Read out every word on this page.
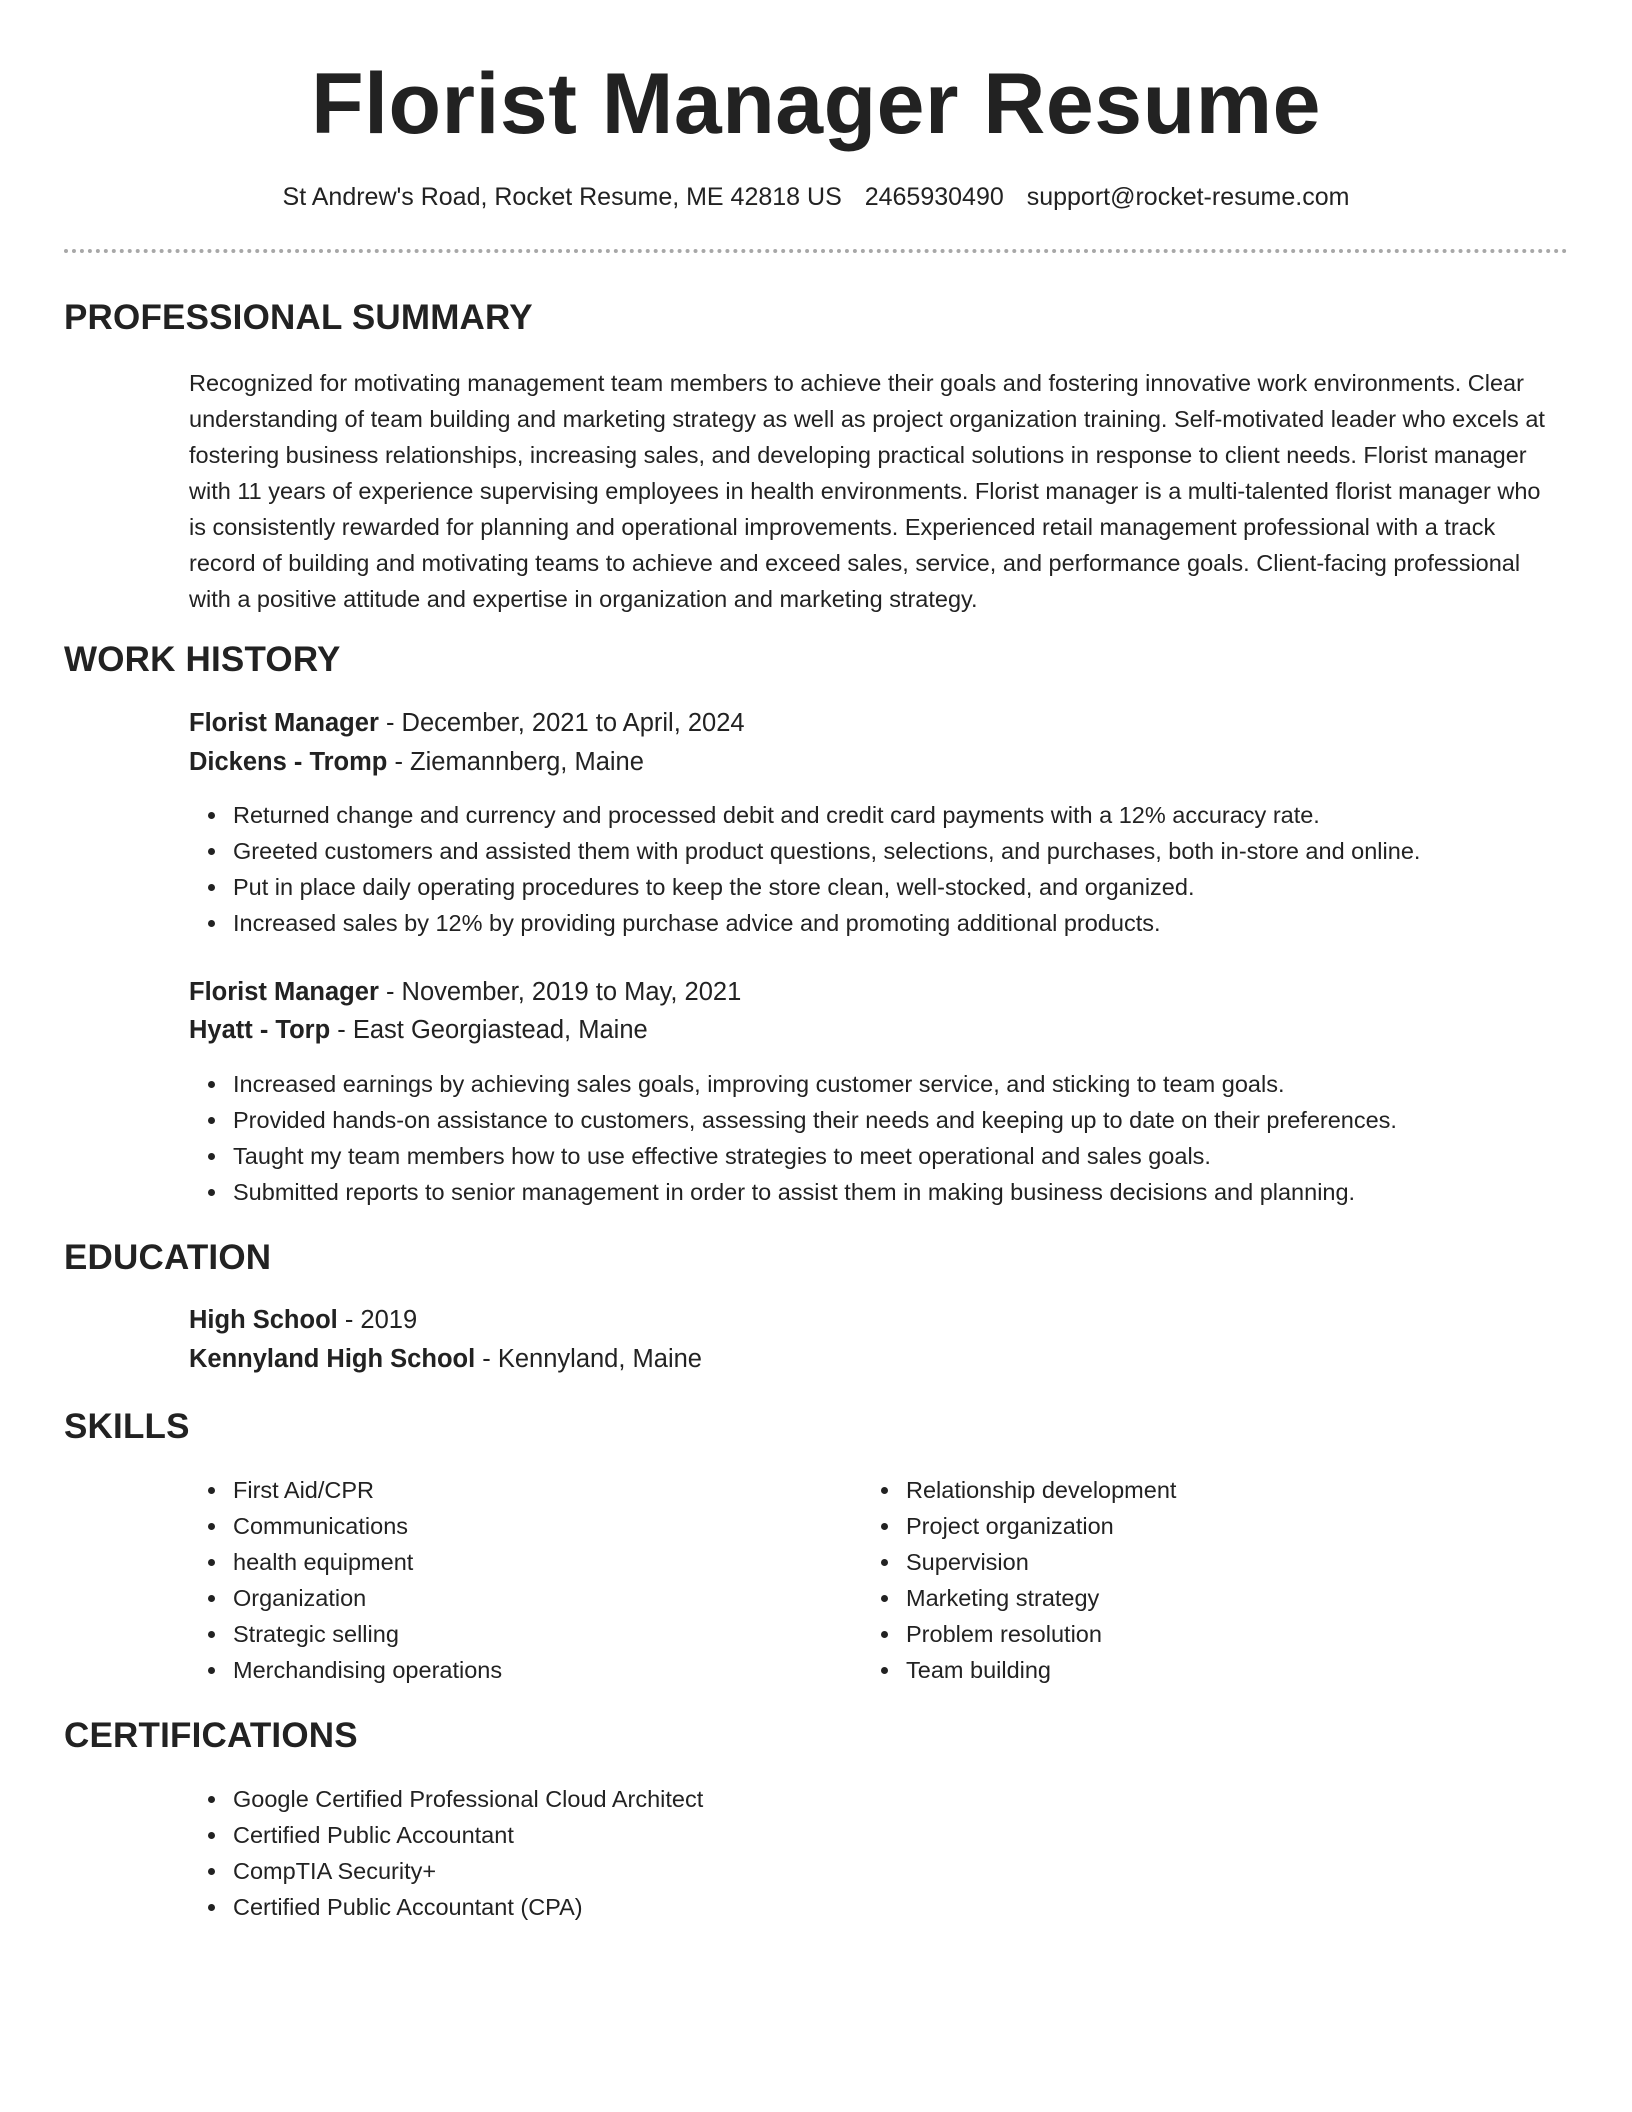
Florist Manager Resume
St Andrew's Road, Rocket Resume, ME 42818 US 2465930490 support@rocket-resume.com
PROFESSIONAL SUMMARY

Recognized for motivating management team members to achieve their goals and fostering innovative work environments. Clear understanding of team building and marketing strategy as well as project organization training. Self-motivated leader who excels at fostering business relationships, increasing sales, and developing practical solutions in response to client needs. Florist manager with 11 years of experience supervising employees in health environments. Florist manager is a multi-talented florist manager who is consistently rewarded for planning and operational improvements. Experienced retail management professional with a track record of building and motivating teams to achieve and exceed sales, service, and performance goals. Client-facing professional with a positive attitude and expertise in organization and marketing strategy.

WORK HISTORY
Florist Manager - December, 2021 to April, 2024
Dickens - Tromp - Ziemannberg, Maine
Returned change and currency and processed debit and credit card payments with a 12% accuracy rate.
Greeted customers and assisted them with product questions, selections, and purchases, both in-store and online.
Put in place daily operating procedures to keep the store clean, well-stocked, and organized.
Increased sales by 12% by providing purchase advice and promoting additional products.
Florist Manager - November, 2019 to May, 2021
Hyatt - Torp - East Georgiastead, Maine
Increased earnings by achieving sales goals, improving customer service, and sticking to team goals.
Provided hands-on assistance to customers, assessing their needs and keeping up to date on their preferences.
Taught my team members how to use effective strategies to meet operational and sales goals.
Submitted reports to senior management in order to assist them in making business decisions and planning.
EDUCATION
High School - 2019
Kennyland High School - Kennyland, Maine
SKILLS
First Aid/CPR
Communications
health equipment
Organization
Strategic selling
Merchandising operations
Relationship development
Project organization
Supervision
Marketing strategy
Problem resolution
Team building
CERTIFICATIONS
Google Certified Professional Cloud Architect
Certified Public Accountant
CompTIA Security+
Certified Public Accountant (CPA)
